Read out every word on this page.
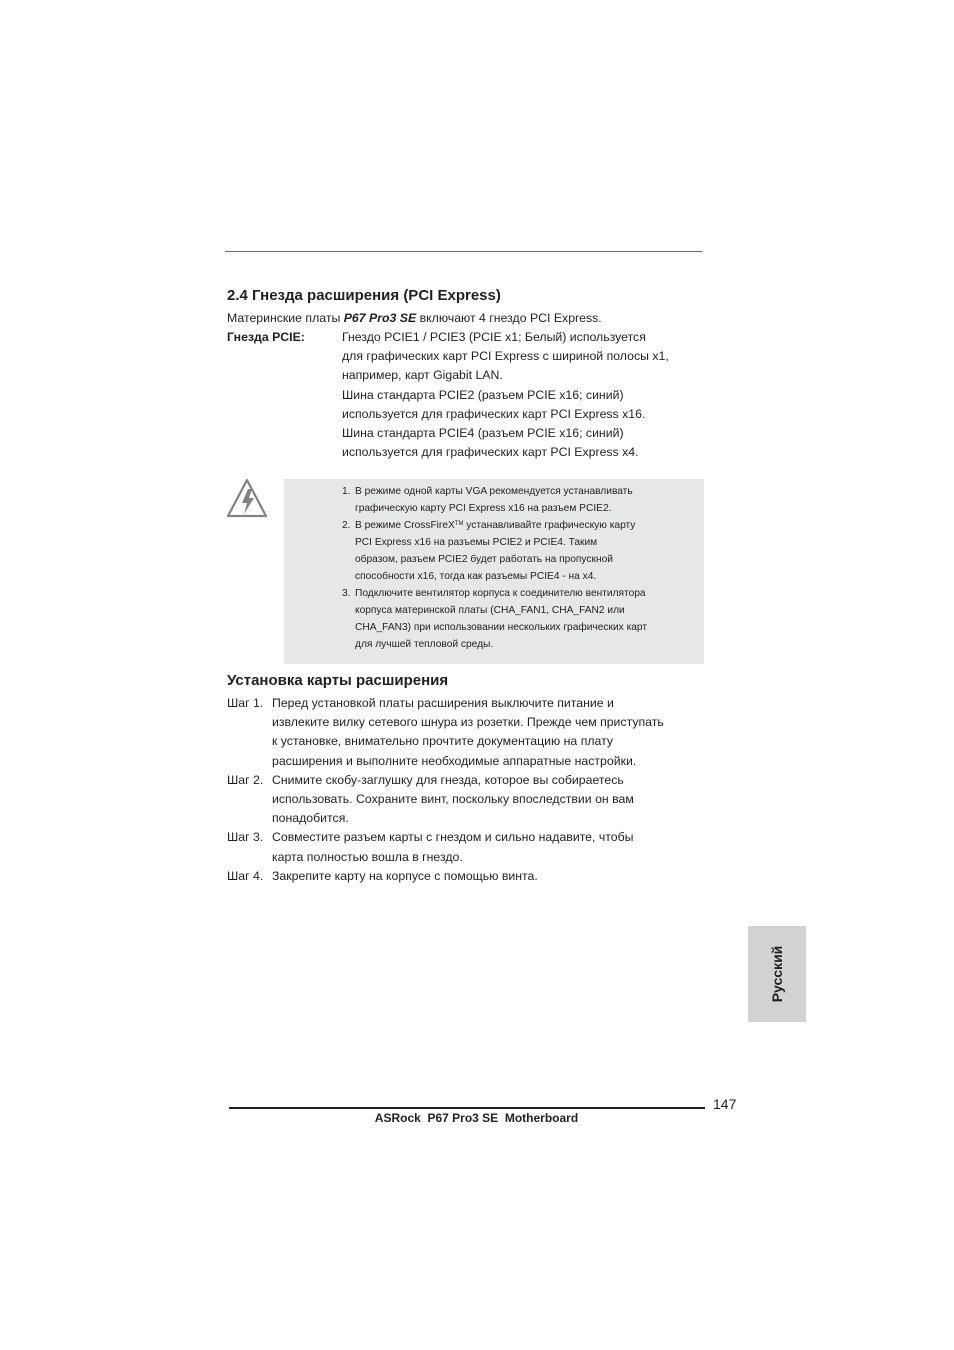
2.4 Гнезда расширения (PCI Express)
Материнские платы P67 Pro3 SE включают 4 гнездо PCI Express.
Гнезда PCIE:	Гнездо PCIE1 / PCIE3 (PCIE x1; Белый) используется
для графических карт PCI Express с шириной полосы x1,
например, карт Gigabit LAN.
Шина стандарта PCIE2 (разъем PCIE x16; синий)
используется для графических карт PCI Express x16.
Шина стандарта PCIE4 (разъем PCIE x16; синий)
используется для графических карт PCI Express x4.
1. В режиме одной карты VGA рекомендуется устанавливать
графическую карту PCI Express x16 на разъем PCIE2.
2. В режиме CrossFireX™ устанавливайте графическую карту
PCI Express x16 на разъемы PCIE2 и PCIE4. Таким
образом, разъем PCIE2 будет работать на пропускной
способности x16, тогда как разъемы PCIE4 - на x4.
3. Подключите вентилятор корпуса к соединителю вентилятора
корпуса материнской платы (CHA_FAN1, CHA_FAN2 или
CHA_FAN3) при использовании нескольких графических карт
для лучшей тепловой среды.
Установка карты расширения
Шаг 1. Перед установкой платы расширения выключите питание и
извлеките вилку сетевого шнура из розетки. Прежде чем приступать
к установке, внимательно прочтите документацию на плату
расширения и выполните необходимые аппаратные настройки.
Шаг 2. Снимите скобу-заглушку для гнезда, которое вы собираетесь
использовать. Сохраните винт, поскольку впоследствии он вам
понадобится.
Шаг 3. Совместите разъем карты с гнездом и сильно надавите, чтобы
карта полностью вошла в гнездо.
Шаг 4. Закрепите карту на корпусе с помощью винта.
Русский
147
ASRock  P67 Pro3 SE  Motherboard
